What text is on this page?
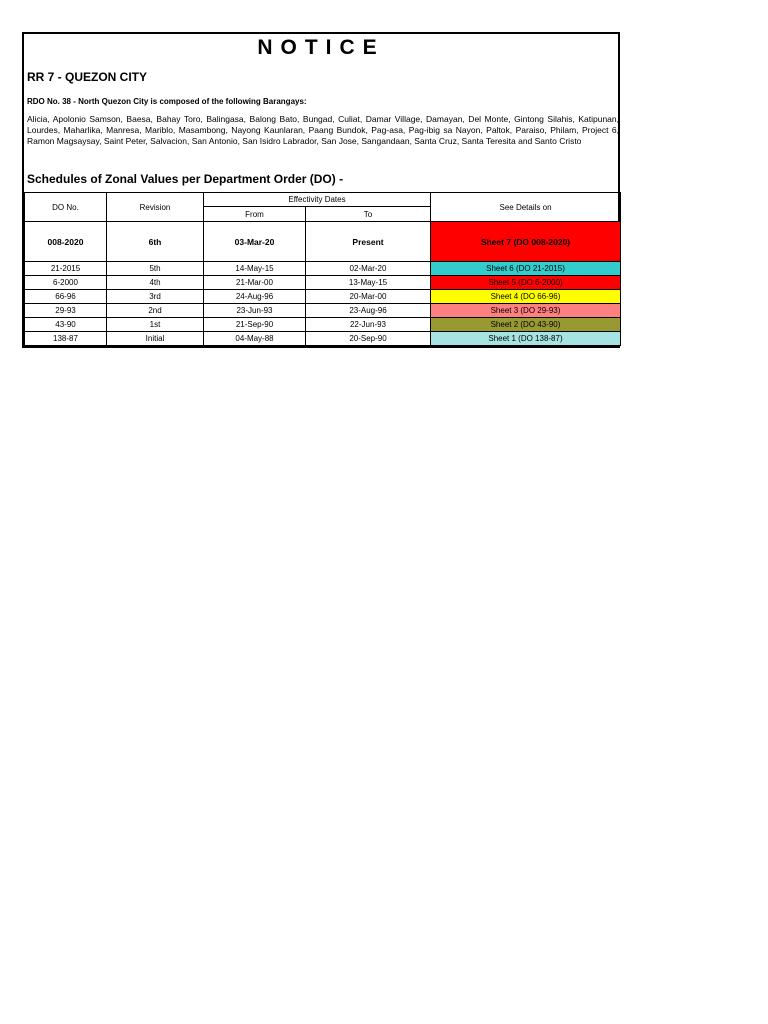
NOTICE
RR 7 - QUEZON CITY
RDO No. 38 - North Quezon City is composed of the following Barangays:
Alicia, Apolonio Samson, Baesa, Bahay Toro, Balingasa, Balong Bato, Bungad, Culiat, Damar Village, Damayan, Del Monte, Gintong Silahis, Katipunan, Lourdes, Maharlika, Manresa, Mariblo, Masambong, Nayong Kaunlaran, Paang Bundok, Pag-asa, Pag-ibig sa Nayon, Paltok, Paraiso, Philam, Project 6, Ramon Magsaysay, Saint Peter, Salvacion, San Antonio, San Isidro Labrador, San Jose, Sangandaan, Santa Cruz, Santa Teresita and Santo Cristo
Schedules of Zonal Values per Department Order (DO) -
DO No.	Revision	Effectivity Dates		See Details on
		From	To	
008-2020	6th	03-Mar-20	Present	Sheet 7 (DO 008-2020)
21-2015	5th	14-May-15	02-Mar-20	Sheet 6 (DO 21-2015)
6-2000	4th	21-Mar-00	13-May-15	Sheet 5 (DO 6-2000)
66-96	3rd	24-Aug-96	20-Mar-00	Sheet 4 (DO 66-96)
29-93	2nd	23-Jun-93	23-Aug-96	Sheet 3 (DO 29-93)
43-90	1st	21-Sep-90	22-Jun-93	Sheet 2 (DO 43-90)
138-87	Initial	04-May-88	20-Sep-90	Sheet 1 (DO 138-87)
